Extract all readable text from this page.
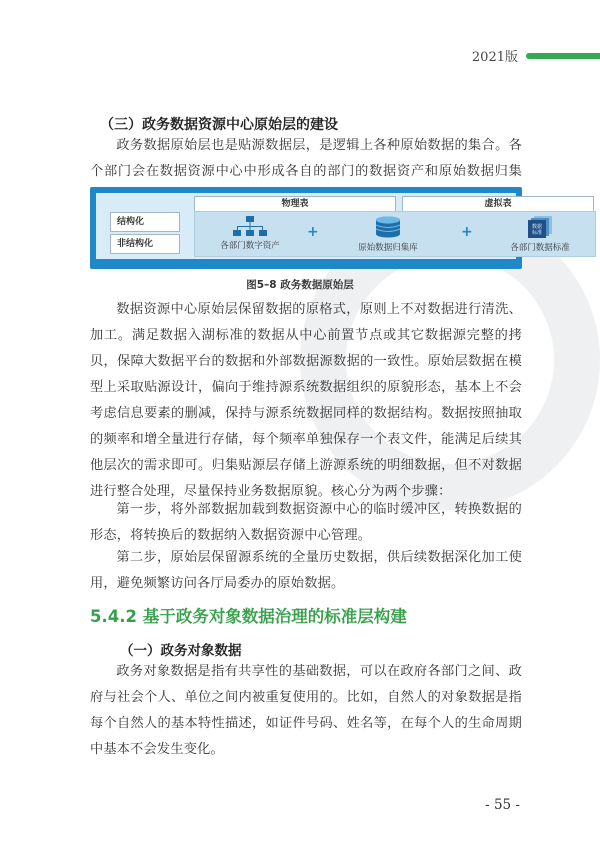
2021版
（三）政务数据资源中心原始层的建设
政务数据原始层也是贴源数据层，是逻辑上各种原始数据的集合。各个部门会在数据资源中心中形成各自的部门的数据资产和原始数据归集
物理表	虚拟表
结构化
非结构化	各部门数字资产
+
原始数据归集库
+	数据
标准
各部门数据标准
图5–8 政务数据原始层
数据资源中心原始层保留数据的原格式，原则上不对数据进行清洗、加工。满足数据入湖标准的数据从中心前置节点或其它数据源完整的拷贝，保障大数据平台的数据和外部数据源数据的一致性。原始层数据在模型上采取贴源设计，偏向于维持源系统数据组织的原貌形态，基本上不会考虑信息要素的删减，保持与源系统数据同样的数据结构。数据按照抽取的频率和增全量进行存储，每个频率单独保存一个表文件，能满足后续其他层次的需求即可。归集贴源层存储上游源系统的明细数据，但不对数据进行整合处理，尽量保持业务数据原貌。核心分为两个步骤：
第一步，将外部数据加载到数据资源中心的临时缓冲区，转换数据的形态，将转换后的数据纳入数据资源中心管理。
第二步，原始层保留源系统的全量历史数据，供后续数据深化加工使用，避免频繁访问各厅局委办的原始数据。
5.4.2 基于政务对象数据治理的标准层构建
（一）政务对象数据
政务对象数据是指有共享性的基础数据，可以在政府各部门之间、政府与社会个人、单位之间内被重复使用的。比如，自然人的对象数据是指每个自然人的基本特性描述，如证件号码、姓名等，在每个人的生命周期中基本不会发生变化。
- 55 -
